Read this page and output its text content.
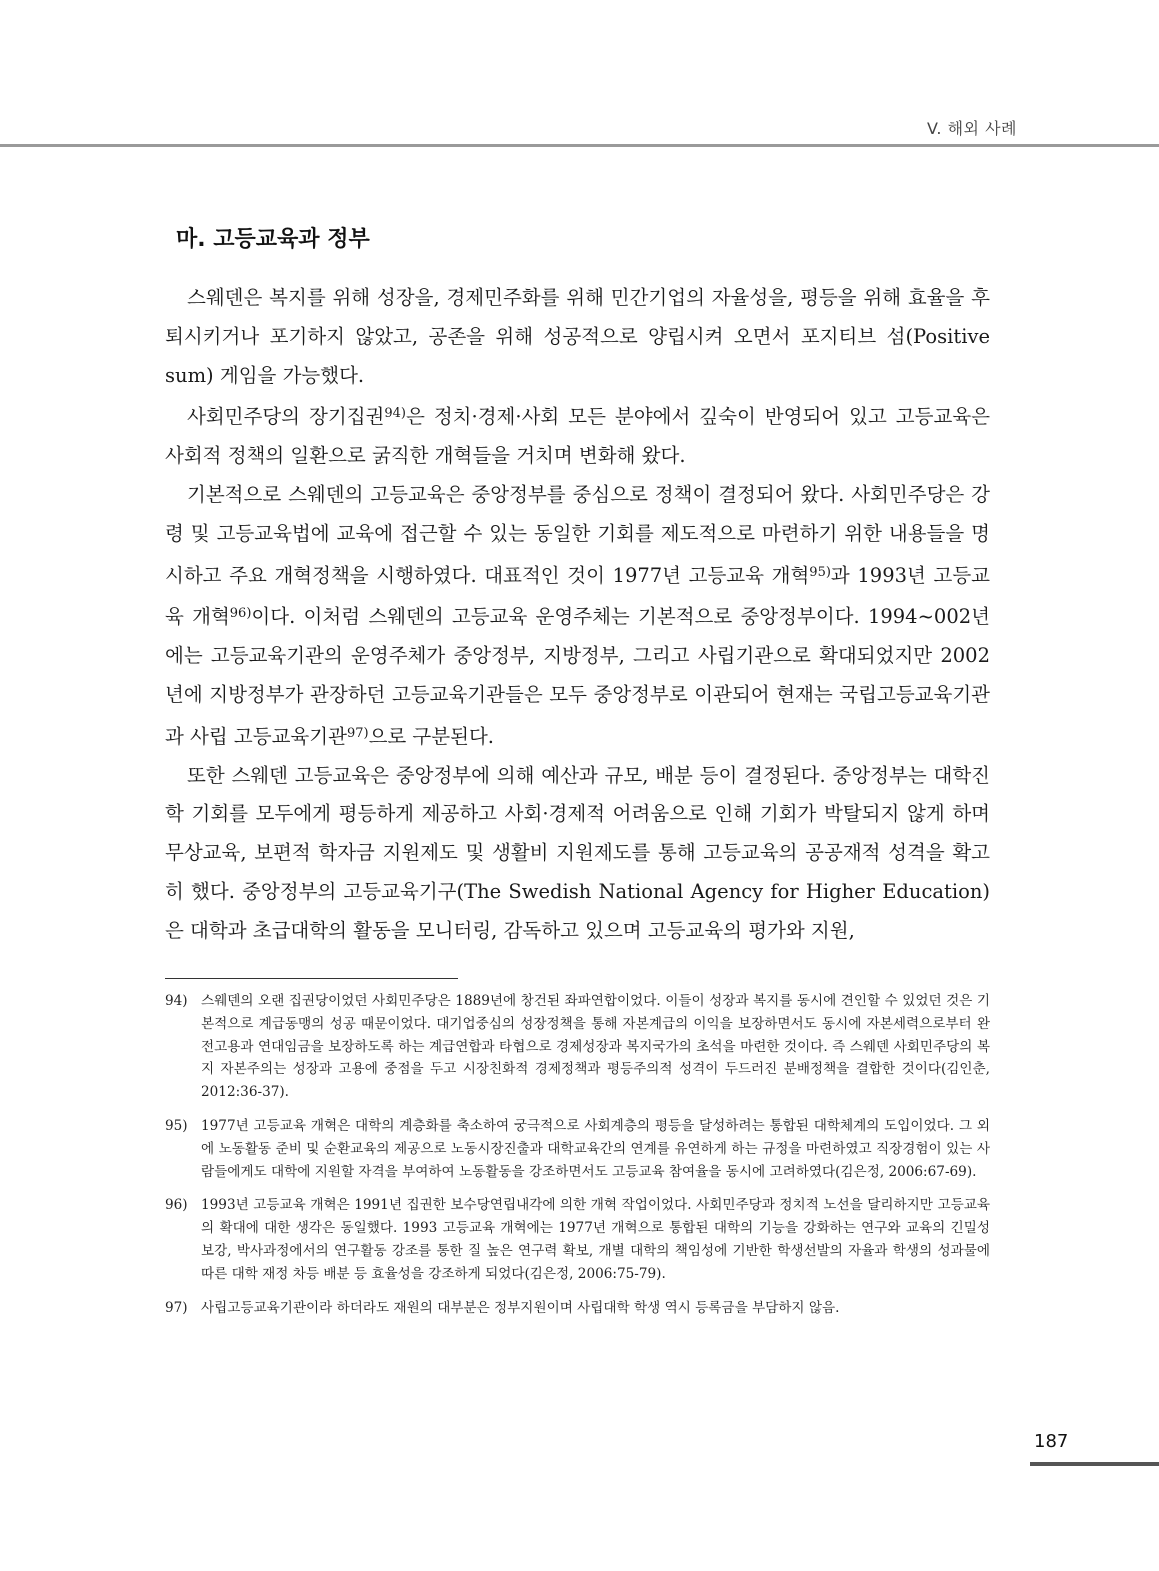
V. 해외 사례
마. 고등교육과 정부

스웨덴은 복지를 위해 성장을, 경제민주화를 위해 민간기업의 자율성을, 평등을 위해 효율을 후퇴시키거나 포기하지 않았고, 공존을 위해 성공적으로 양립시켜 오면서 포지티브 섬(Positive sum) 게임을 가능했다.

사회민주당의 장기집권$^{94)}$은 정치·경제·사회 모든 분야에서 깊숙이 반영되어 있고 고등교육은 사회적 정책의 일환으로 굵직한 개혁들을 거치며 변화해 왔다.

기본적으로 스웨덴의 고등교육은 중앙정부를 중심으로 정책이 결정되어 왔다. 사회민주당은 강령 및 고등교육법에 교육에 접근할 수 있는 동일한 기회를 제도적으로 마련하기 위한 내용들을 명시하고 주요 개혁정책을 시행하였다. 대표적인 것이 1977년 고등교육 개혁$^{95)}$과 1993년 고등교육 개혁$^{96)}$이다. 이처럼 스웨덴의 고등교육 운영주체는 기본적으로 중앙정부이다. 1994~002년에는 고등교육기관의 운영주체가 중앙정부, 지방정부, 그리고 사립기관으로 확대되었지만 2002년에 지방정부가 관장하던 고등교육기관들은 모두 중앙정부로 이관되어 현재는 국립고등교육기관과 사립 고등교육기관$^{97)}$으로 구분된다.

또한 스웨덴 고등교육은 중앙정부에 의해 예산과 규모, 배분 등이 결정된다. 중앙정부는 대학진학 기회를 모두에게 평등하게 제공하고 사회·경제적 어려움으로 인해 기회가 박탈되지 않게 하며 무상교육, 보편적 학자금 지원제도 및 생활비 지원제도를 통해 고등교육의 공공재적 성격을 확고히 했다. 중앙정부의 고등교육기구(The Swedish National Agency for Higher Education)은 대학과 초급대학의 활동을 모니터링, 감독하고 있으며 고등교육의 평가와 지원,

94) 스웨덴의 오랜 집권당이었던 사회민주당은 1889년에 창건된 좌파연합이었다. 이들이 성장과 복지를 동시에 견인할 수 있었던 것은 기본적으로 계급동맹의 성공 때문이었다. 대기업중심의 성장정책을 통해 자본계급의 이익을 보장하면서도 동시에 자본세력으로부터 완전고용과 연대임금을 보장하도록 하는 계급연합과 타협으로 경제성장과 복지국가의 초석을 마련한 것이다. 즉 스웨덴 사회민주당의 복지 자본주의는 성장과 고용에 중점을 두고 시장친화적 경제정책과 평등주의적 성격이 두드러진 분배정책을 결합한 것이다(김인춘, 2012:36-37).
95) 1977년 고등교육 개혁은 대학의 계층화를 축소하여 궁극적으로 사회계층의 평등을 달성하려는 통합된 대학체계의 도입이었다. 그 외에 노동활동 준비 및 순환교육의 제공으로 노동시장진출과 대학교육간의 연계를 유연하게 하는 규정을 마련하였고 직장경험이 있는 사람들에게도 대학에 지원할 자격을 부여하여 노동활동을 강조하면서도 고등교육 참여율을 동시에 고려하였다(김은정, 2006:67-69).
96) 1993년 고등교육 개혁은 1991년 집권한 보수당연립내각에 의한 개혁 작업이었다. 사회민주당과 정치적 노선을 달리하지만 고등교육의 확대에 대한 생각은 동일했다. 1993 고등교육 개혁에는 1977년 개혁으로 통합된 대학의 기능을 강화하는 연구와 교육의 긴밀성 보강, 박사과정에서의 연구활동 강조를 통한 질 높은 연구력 확보, 개별 대학의 책임성에 기반한 학생선발의 자율과 학생의 성과물에 따른 대학 재정 차등 배분 등 효율성을 강조하게 되었다(김은정, 2006:75-79).
97) 사립고등교육기관이라 하더라도 재원의 대부분은 정부지원이며 사립대학 학생 역시 등록금을 부담하지 않음.
187
